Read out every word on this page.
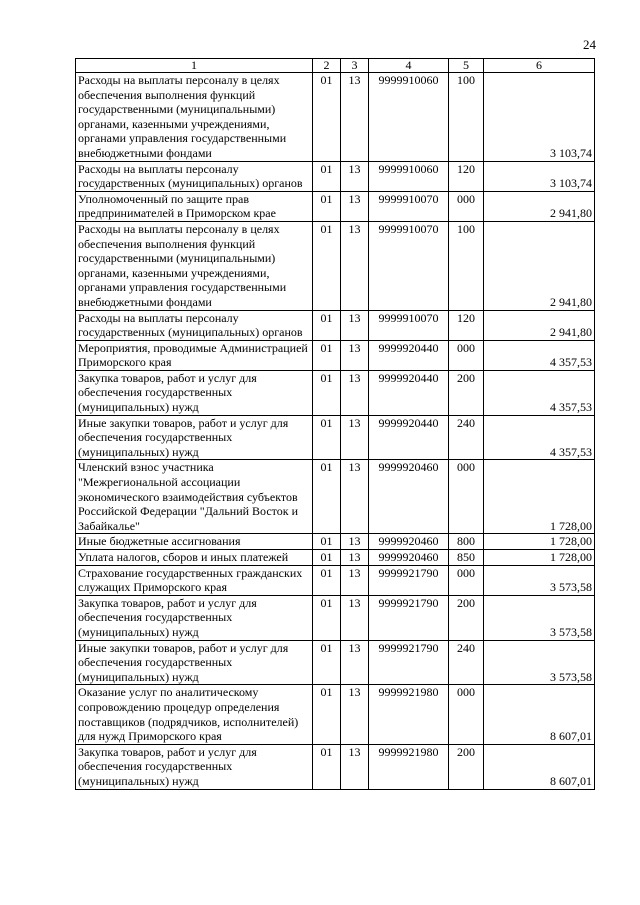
24
1	2	3	4	5	6
Расходы на выплаты персоналу в целях обеспечения выполнения функций государственными (муниципальными) органами, казенными учреждениями, органами управления государственными внебюджетными фондами	01	13	9999910060	100	3 103,74
Расходы на выплаты персоналу государственных (муниципальных) органов	01	13	9999910060	120	3 103,74
Уполномоченный по защите прав предпринимателей в Приморском крае	01	13	9999910070	000	2 941,80
Расходы на выплаты персоналу в целях обеспечения выполнения функций государственными (муниципальными) органами, казенными учреждениями, органами управления государственными внебюджетными фондами	01	13	9999910070	100	2 941,80
Расходы на выплаты персоналу государственных (муниципальных) органов	01	13	9999910070	120	2 941,80
Мероприятия, проводимые Администрацией Приморского края	01	13	9999920440	000	4 357,53
Закупка товаров, работ и услуг для обеспечения государственных (муниципальных) нужд	01	13	9999920440	200	4 357,53
Иные закупки товаров, работ и услуг для обеспечения государственных (муниципальных) нужд	01	13	9999920440	240	4 357,53
Членский взнос участника "Межрегиональной ассоциации экономического взаимодействия субъектов Российской Федерации "Дальний Восток и Забайкалье"	01	13	9999920460	000	1 728,00
Иные бюджетные ассигнования	01	13	9999920460	800	1 728,00
Уплата налогов, сборов и иных платежей	01	13	9999920460	850	1 728,00
Страхование государственных гражданских служащих Приморского края	01	13	9999921790	000	3 573,58
Закупка товаров, работ и услуг для обеспечения государственных (муниципальных) нужд	01	13	9999921790	200	3 573,58
Иные закупки товаров, работ и услуг для обеспечения государственных (муниципальных) нужд	01	13	9999921790	240	3 573,58
Оказание услуг по аналитическому сопровождению процедур определения поставщиков (подрядчиков, исполнителей) для нужд Приморского края	01	13	9999921980	000	8 607,01
Закупка товаров, работ и услуг для обеспечения государственных (муниципальных) нужд	01	13	9999921980	200	8 607,01
